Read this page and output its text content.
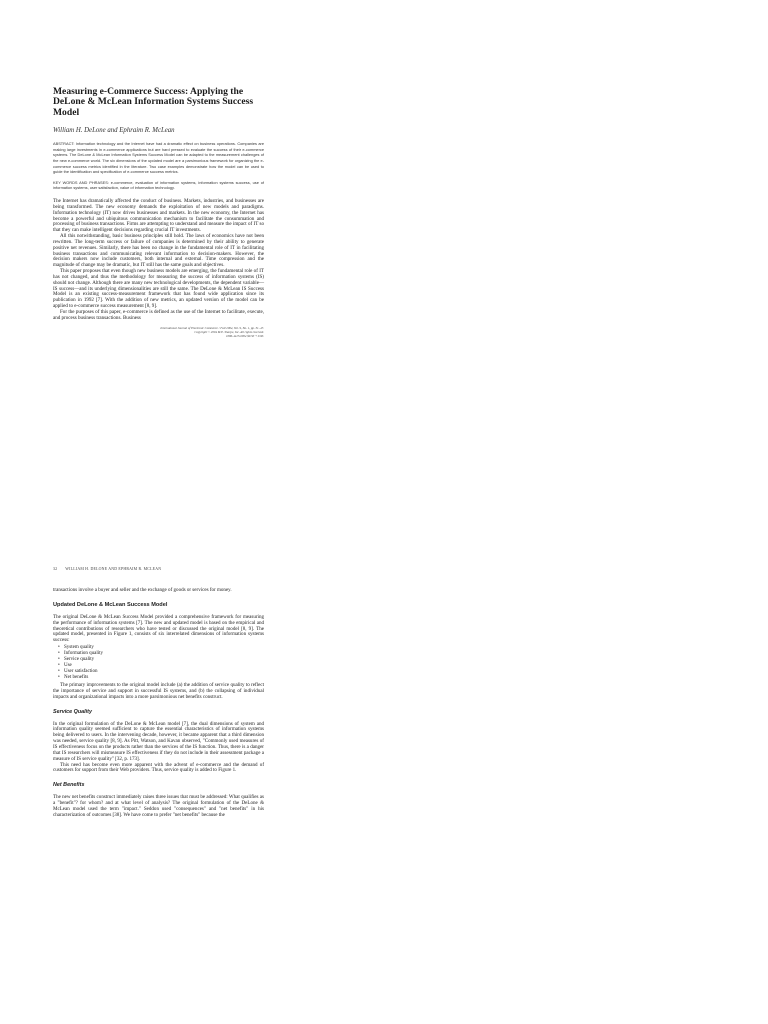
Measuring e-Commerce Success: Applying the DeLone & McLean Information Systems Success Model
William H. DeLone and Ephraim R. McLean

ABSTRACT: Information technology and the Internet have had a dramatic effect on business operations. Companies are making large investments in e-commerce applications but are hard pressed to evaluate the success of their e-commerce systems. The DeLone & McLean Information Systems Success Model can be adapted to the measurement challenges of the new e-commerce world. The six dimensions of the updated model are a parsimonious framework for organizing the e-commerce success metrics identified in the literature. Two case examples demonstrate how the model can be used to guide the identification and specification of e-commerce success metrics.

KEY WORDS AND PHRASES: e-commerce, evaluation of information systems, information systems success, use of information systems, user satisfaction, value of information technology.

The Internet has dramatically affected the conduct of business. Markets, industries, and businesses are being transformed. The new economy demands the exploitation of new models and paradigms. Information technology (IT) now drives businesses and markets. In the new economy, the Internet has become a powerful and ubiquitous communication mechanism to facilitate the consummation and processing of business transactions. Firms are attempting to understand and measure the impact of IT so that they can make intelligent decisions regarding crucial IT investments.

All this notwithstanding, basic business principles still hold. The laws of economics have not been rewritten. The long-term success or failure of companies is determined by their ability to generate positive net revenues. Similarly, there has been no change in the fundamental role of IT in facilitating business transactions and communicating relevant information to decision-makers. However, the decision makers now include customers, both internal and external. Time compression and the magnitude of change may be dramatic, but IT still has the same goals and objectives.

This paper proposes that even though new business models are emerging, the fundamental role of IT has not changed, and thus the methodology for measuring the success of information systems (IS) should not change. Although there are many new technological developments, the dependent variable—IS success—and its underlying dimensionalities are still the same. The DeLone & McLean IS Success Model is an existing success-measurement framework that has found wide application since its publication in 1992 [7]. With the addition of new metrics, an updated version of the model can be applied to e-commerce success measurement [8, 9].

For the purposes of this paper, e-commerce is defined as the use of the Internet to facilitate, execute, and process business transactions. Business

International Journal of Electronic Commerce / Fall 2004, Vol. 9, No. 1, pp. 31–47.
Copyright © 2004 M.E. Sharpe, Inc. All rights reserved.
1086-4415/2004 $9.50 + 0.00.
32 WILLIAM H. DELONE AND EPHRAIM R. MCLEAN

transactions involve a buyer and seller and the exchange of goods or services for money.

Updated DeLone & McLean Success Model

The original DeLone & McLean Success Model provided a comprehensive framework for measuring the performance of information systems [7]. The new and updated model is based on the empirical and theoretical contributions of researchers who have tested or discussed the original model [8, 9]. The updated model, presented in Figure 1, consists of six interrelated dimensions of information systems success:

• System quality
• Information quality
• Service quality
• Use
• User satisfaction
• Net benefits

The primary improvements to the original model include (a) the addition of service quality to reflect the importance of service and support in successful IS systems, and (b) the collapsing of individual impacts and organizational impacts into a more parsimonious net benefits construct.

Service Quality

In the original formulation of the DeLone & McLean model [7], the dual dimensions of system and information quality seemed sufficient to capture the essential characteristics of information systems being delivered to users. In the intervening decade, however, it became apparent that a third dimension was needed, service quality [8, 9]. As Pitt, Watson, and Kavan observed, "Commonly used measures of IS effectiveness focus on the products rather than the services of the IS function. Thus, there is a danger that IS researchers will mismeasure IS effectiveness if they do not include in their assessment package a measure of IS service quality" [32, p. 173].

This need has become even more apparent with the advent of e-commerce and the demand of customers for support from their Web providers. Thus, service quality is added to Figure 1.

Net Benefits

The new net benefits construct immediately raises three issues that must be addressed: What qualifies as a "benefit"? for whom? and at what level of analysis? The original formulation of the DeLone & McLean model used the term "impact." Seddon used "consequences" and "net benefits" in his characterization of outcomes [38]. We have come to prefer "net benefits" because the
